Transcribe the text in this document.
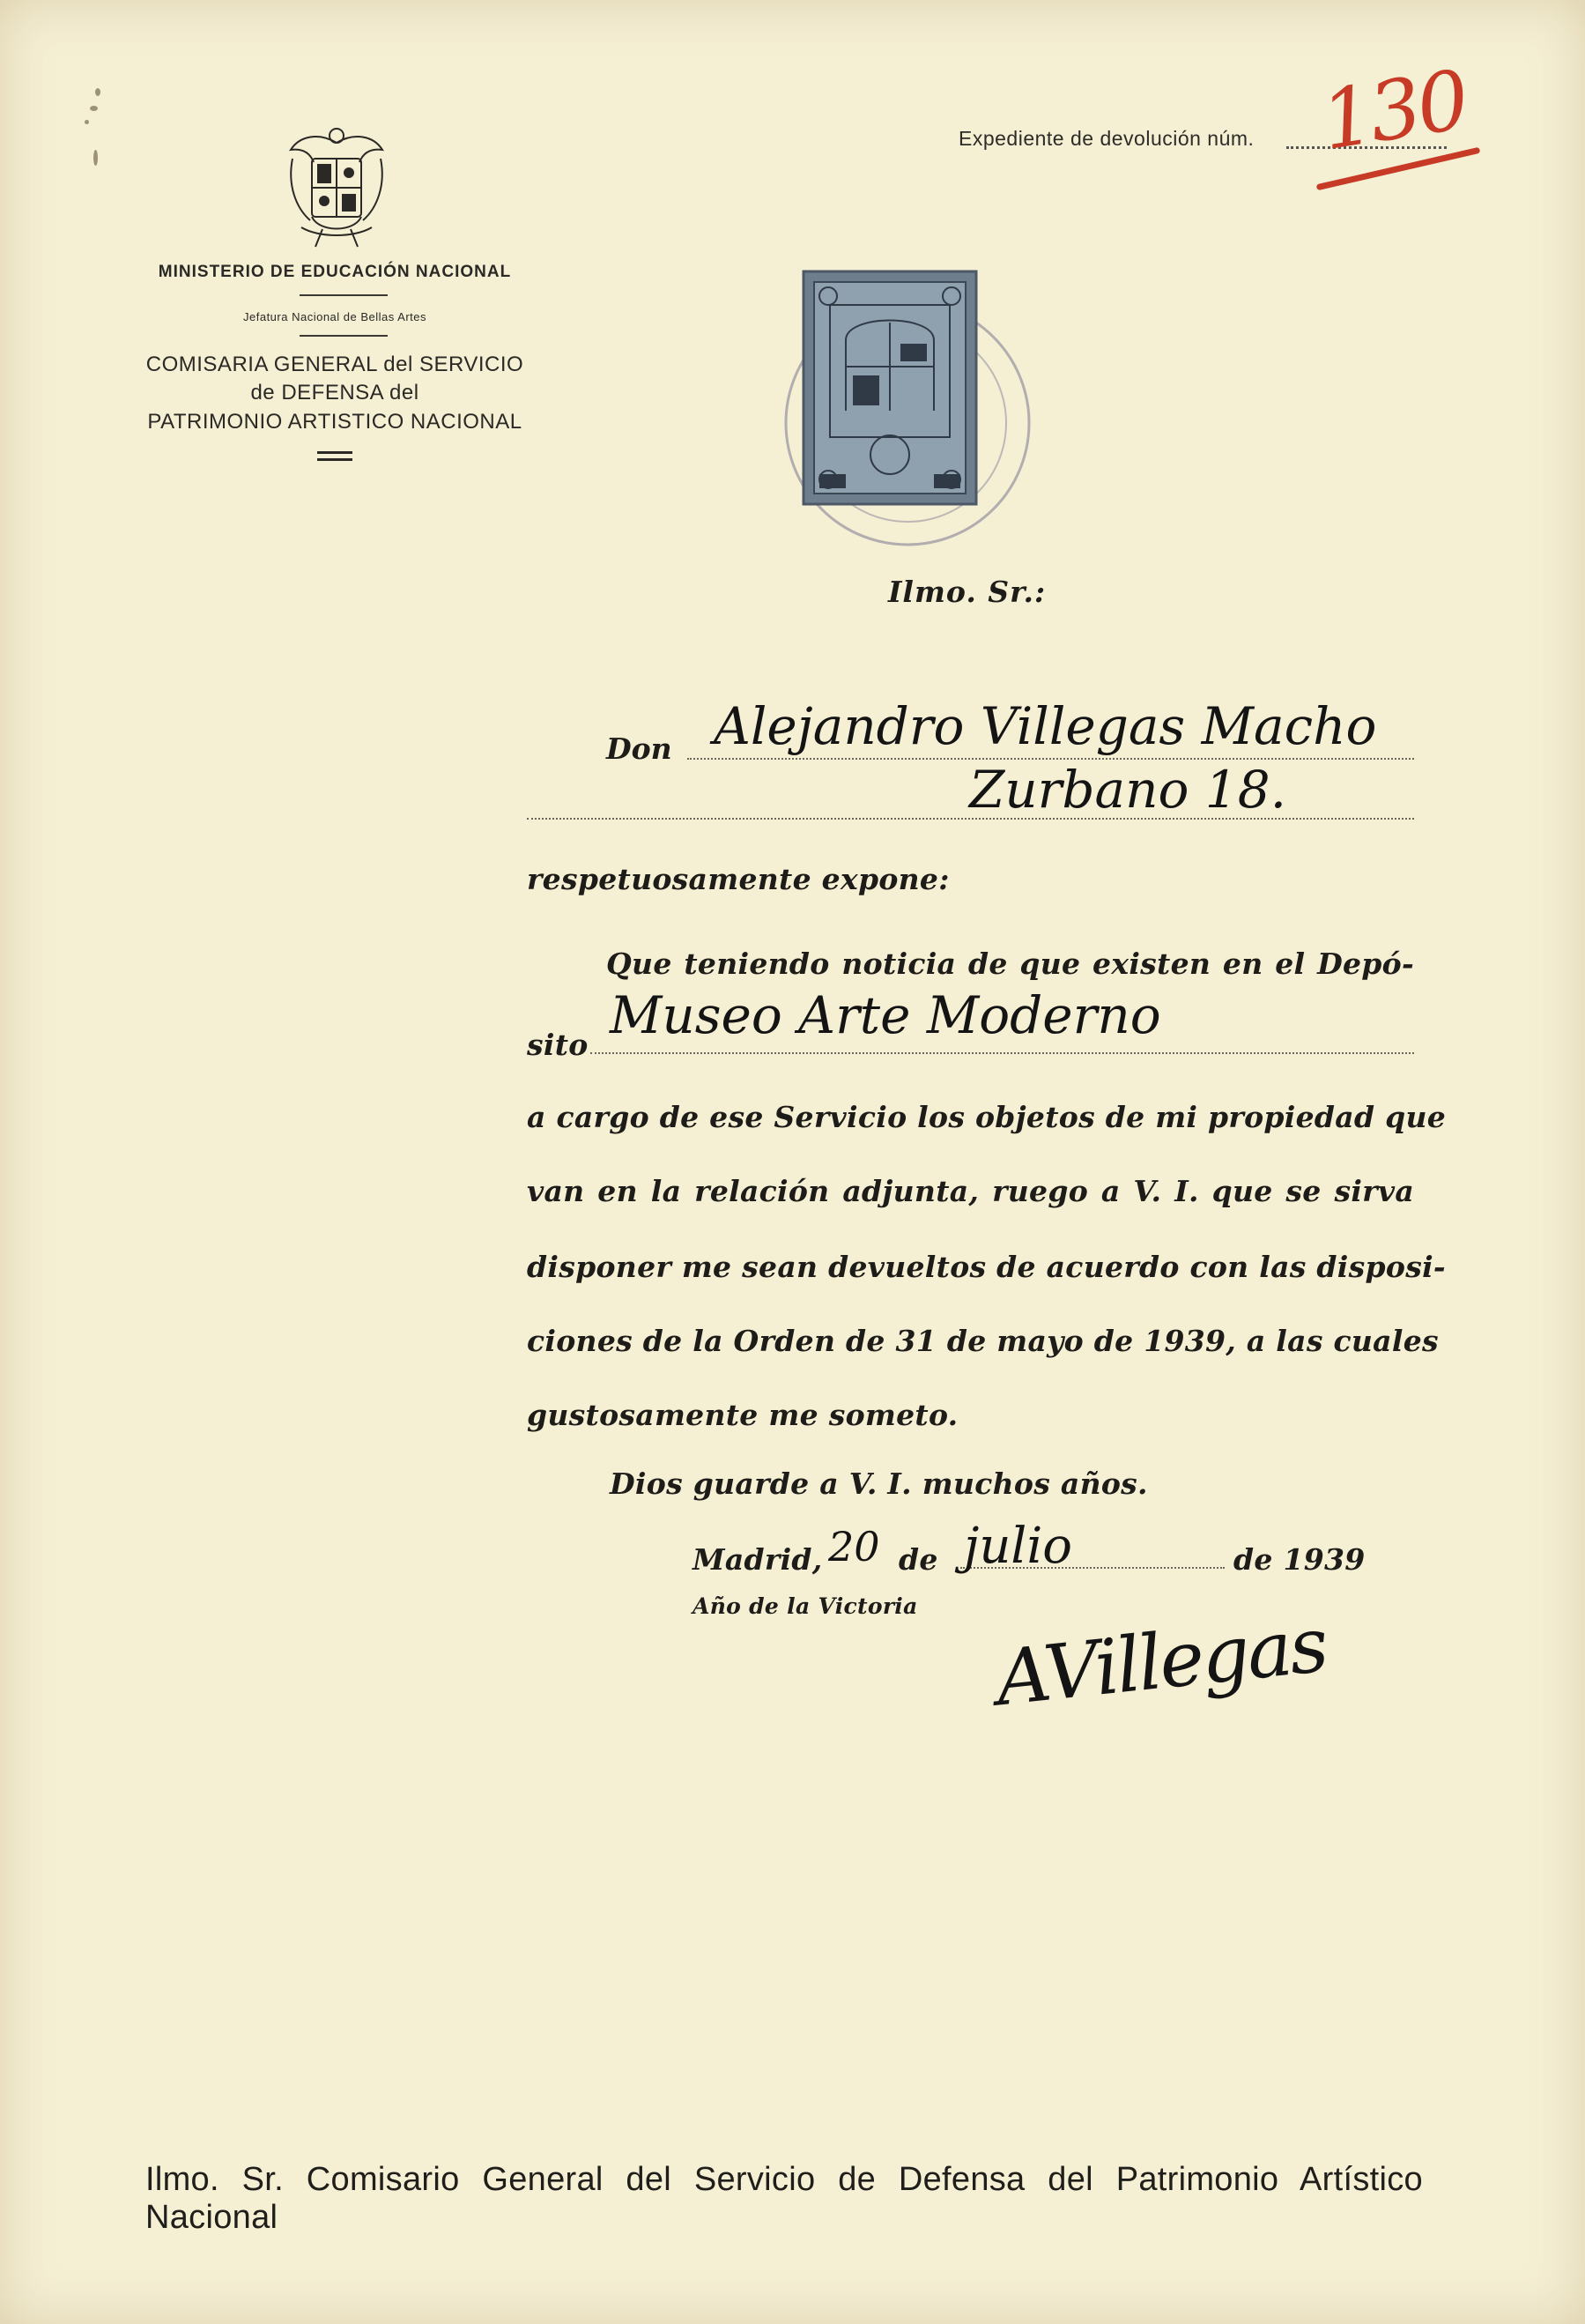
MINISTERIO DE EDUCACIÓN NACIONAL
Jefatura Nacional de Bellas Artes
COMISARIA GENERAL del SERVICIO
de DEFENSA del
PATRIMONIO ARTISTICO NACIONAL
Expediente de devolución núm. 130
Ilmo. Sr.:
Don Alejandro Villegas Macho
Zurbano 18.
respetuosamente expone:
Que teniendo noticia de que existen en el Depó-
sito Museo Arte Moderno
a cargo de ese Servicio los objetos de mi propiedad que
van en la relación adjunta, ruego a V. I. que se sirva
disponer me sean devueltos de acuerdo con las disposi-
ciones de la Orden de 31 de mayo de 1939, a las cuales
gustosamente me someto.
Dios guarde a V. I. muchos años.
Madrid, 20 de julio	de 1939
Año de la Victoria AVillegas
Ilmo. Sr. Comisario General del Servicio de Defensa del Patrimonio Artístico Nacional
